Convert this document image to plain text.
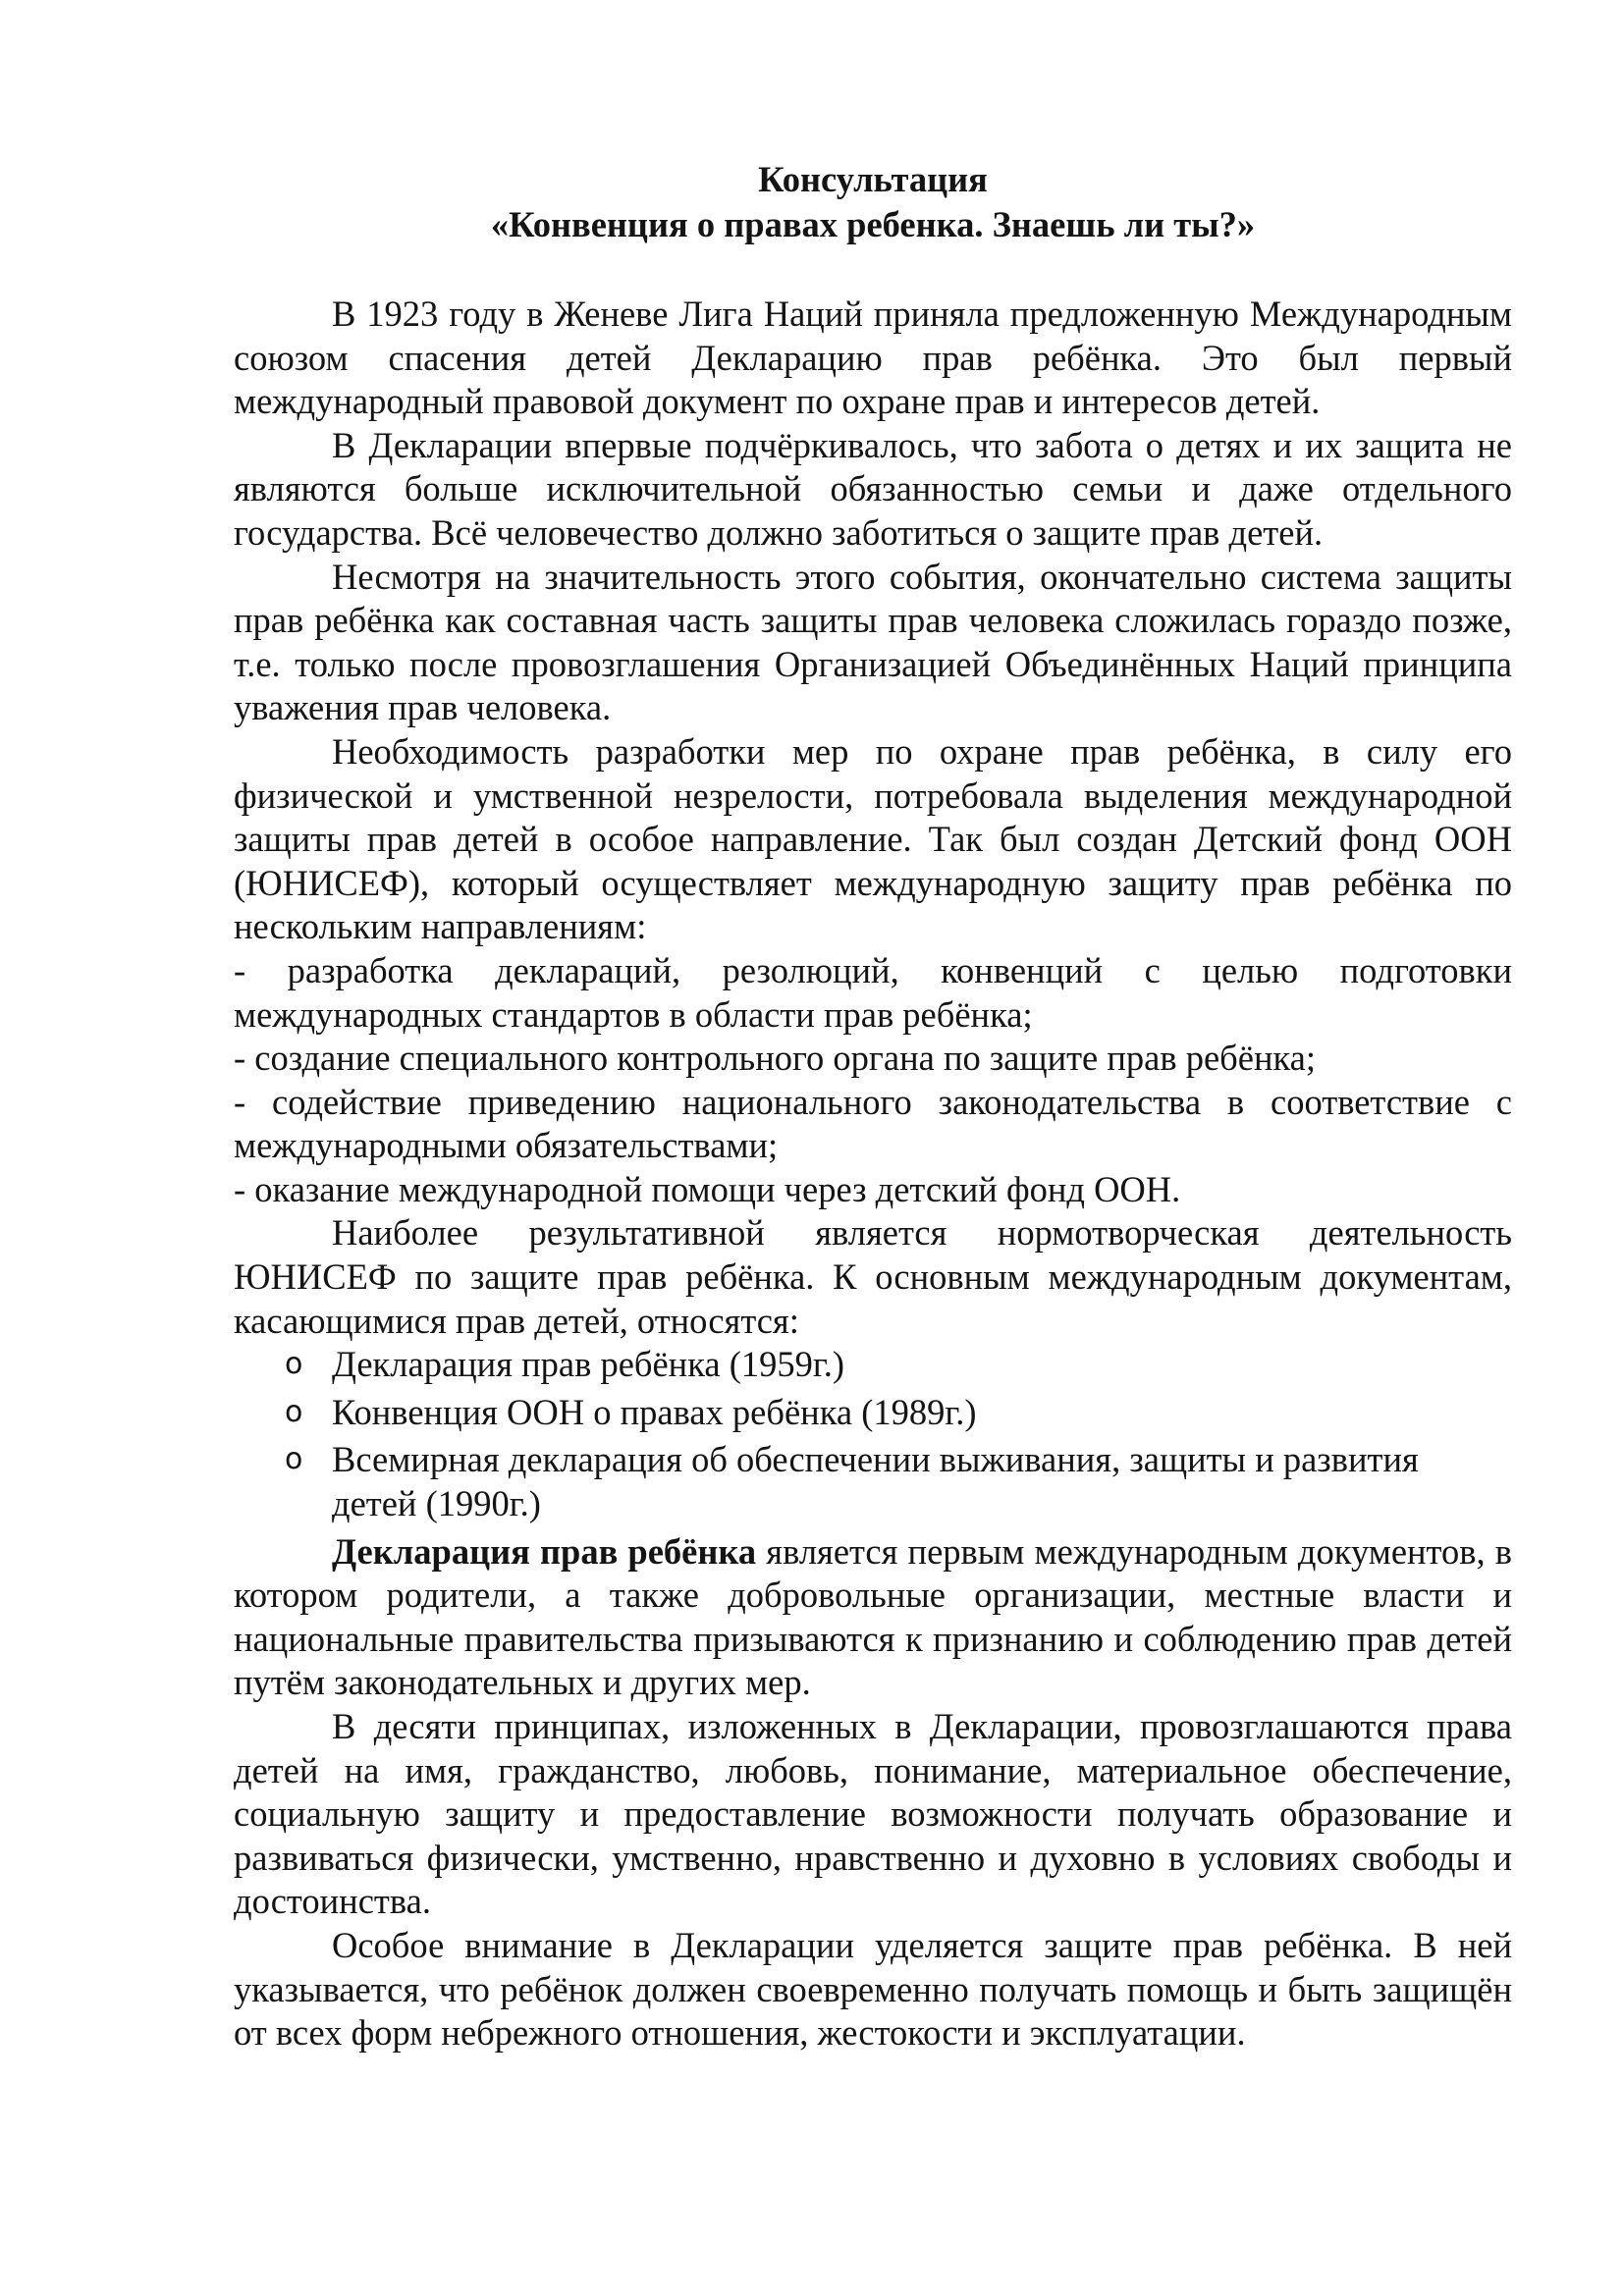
Консультация
«Конвенция о правах ребенка. Знаешь ли ты?»

В 1923 году в Женеве Лига Наций приняла предложенную Международным союзом спасения детей Декларацию прав ребёнка. Это был первый международный правовой документ по охране прав и интересов детей.

В Декларации впервые подчёркивалось, что забота о детях и их защита не являются больше исключительной обязанностью семьи и даже отдельного государства. Всё человечество должно заботиться о защите прав детей.

Несмотря на значительность этого события, окончательно система защиты прав ребёнка как составная часть защиты прав человека сложилась гораздо позже, т.е. только после провозглашения Организацией Объединённых Наций принципа уважения прав человека.

Необходимость разработки мер по охране прав ребёнка, в силу его физической и умственной незрелости, потребовала выделения международной защиты прав детей в особое направление. Так был создан Детский фонд ООН (ЮНИСЕФ), который осуществляет международную защиту прав ребёнка по нескольким направлениям:

- разработка деклараций, резолюций, конвенций с целью подготовки международных стандартов в области прав ребёнка;

- создание специального контрольного органа по защите прав ребёнка;

- содействие приведению национального законодательства в соответствие с международными обязательствами;

- оказание международной помощи через детский фонд ООН.

Наиболее результативной является нормотворческая деятельность ЮНИСЕФ по защите прав ребёнка. К основным международным документам, касающимися прав детей, относятся:

o Декларация прав ребёнка (1959г.)
o Конвенция ООН о правах ребёнка (1989г.)
o Всемирная декларация об обеспечении выживания, защиты и развития детей (1990г.)

Декларация прав ребёнка является первым международным документов, в котором родители, а также добровольные организации, местные власти и национальные правительства призываются к признанию и соблюдению прав детей путём законодательных и других мер.

В десяти принципах, изложенных в Декларации, провозглашаются права детей на имя, гражданство, любовь, понимание, материальное обеспечение, социальную защиту и предоставление возможности получать образование и развиваться физически, умственно, нравственно и духовно в условиях свободы и достоинства.

Особое внимание в Декларации уделяется защите прав ребёнка. В ней указывается, что ребёнок должен своевременно получать помощь и быть защищён от всех форм небрежного отношения, жестокости и эксплуатации.
